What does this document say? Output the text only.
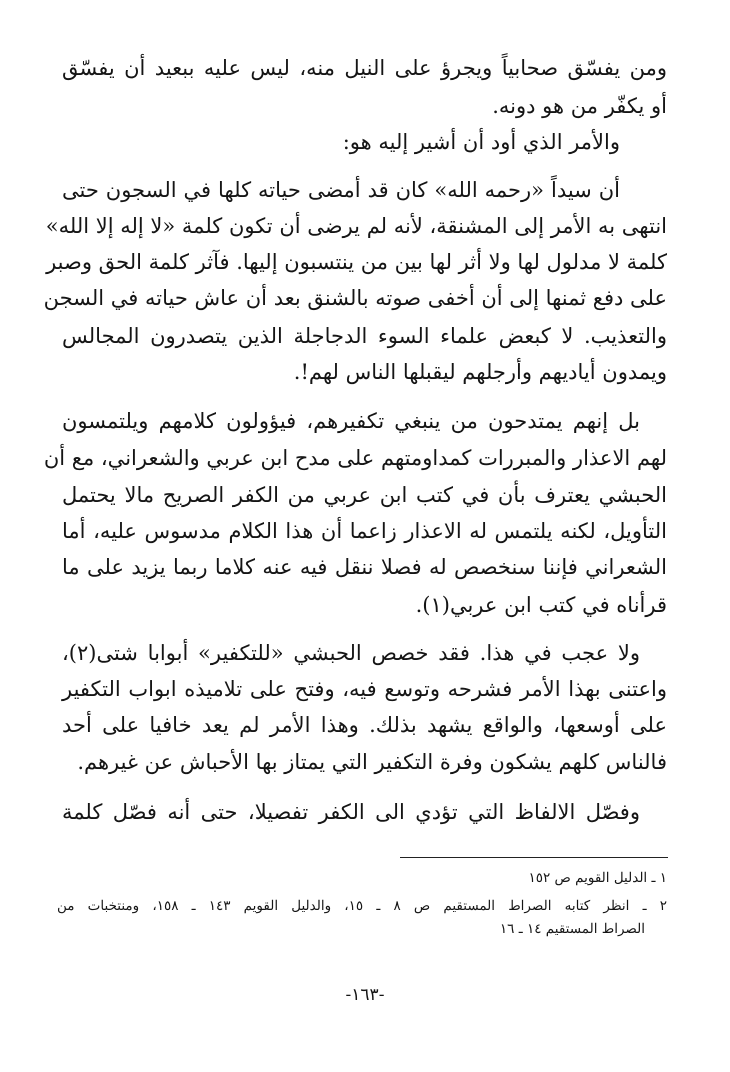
ومن يفسّق صحابياً ويجرؤ على النيل منه، ليس عليه ببعيد أن يفسّق
أو يكفّر من هو دونه.
والأمر الذي أود أن أشير إليه هو:
أن سيداً «رحمه الله» كان قد أمضى حياته كلها في السجون حتى
انتهى به الأمر إلى المشنقة، لأنه لم يرضى أن تكون كلمة «لا إله إلا الله»
كلمة لا مدلول لها ولا أثر لها بين من ينتسبون إليها. فآثر كلمة الحق وصبر
على دفع ثمنها إلى أن أخفى صوته بالشنق بعد أن عاش حياته في السجن
والتعذيب. لا كبعض علماء السوء الدجاجلة الذين يتصدرون المجالس
ويمدون أياديهم وأرجلهم ليقبلها الناس لهم!.
بل إنهم يمتدحون من ينبغي تكفيرهم، فيؤولون كلامهم ويلتمسون
لهم الاعذار والمبررات كمداومتهم على مدح ابن عربي والشعراني، مع أن
الحبشي يعترف بأن في كتب ابن عربي من الكفر الصريح مالا يحتمل
التأويل، لكنه يلتمس له الاعذار زاعما أن هذا الكلام مدسوس عليه، أما
الشعراني فإننا سنخصص له فصلا ننقل فيه عنه كلاما ربما يزيد على ما
قرأناه في كتب ابن عربي(١).
ولا عجب في هذا. فقد خصص الحبشي «للتكفير» أبوابا شتى(٢)،
واعتنى بهذا الأمر فشرحه وتوسع فيه، وفتح على تلاميذه ابواب التكفير
على أوسعها، والواقع يشهد بذلك. وهذا الأمر لم يعد خافيا على أحد
فالناس كلهم يشكون وفرة التكفير التي يمتاز بها الأحباش عن غيرهم.
وفصّل الالفاظ التي تؤدي الى الكفر تفصيلا، حتى أنه فصّل كلمة
١ ـ الدليل القويم ص ١٥٢
٢ ـ انظر كتابه الصراط المستقيم ص ٨ ـ ١٥، والدليل القويم ١٤٣ ـ ١٥٨، ومنتخبات من
الصراط المستقيم ١٤ ـ ١٦
-١٦٣-
